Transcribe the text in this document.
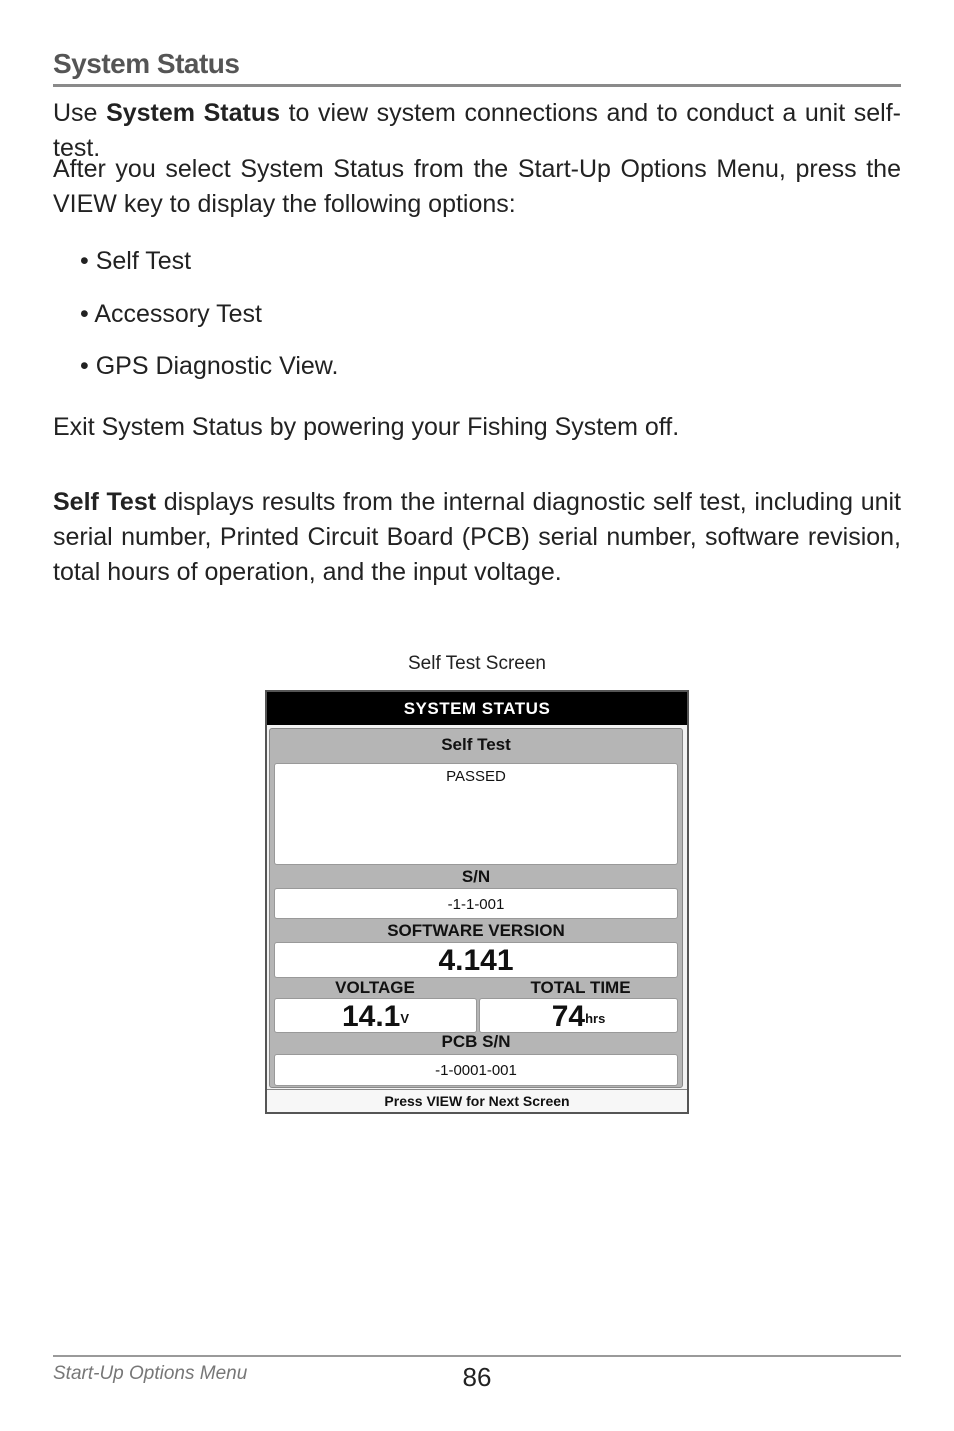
System Status

Use System Status to view system connections and to conduct a unit self-test.

After you select System Status from the Start-Up Options Menu, press the VIEW key to display the following options:

• Self Test
• Accessory Test
• GPS Diagnostic View.

Exit System Status by powering your Fishing System off.

Self Test displays results from the internal diagnostic self test, including unit serial number, Printed Circuit Board (PCB) serial number, software revision, total hours of operation, and the input voltage.

Self Test Screen
SYSTEM STATUS
Self Test
PASSED
S/N
-1-1-001
SOFTWARE VERSION
4.141
VOLTAGE	TOTAL TIME
$14.1^V$	$74^{hrs}$
PCB S/N
-1-0001-001
Press VIEW for Next Screen
Start-Up Options Menu	86
